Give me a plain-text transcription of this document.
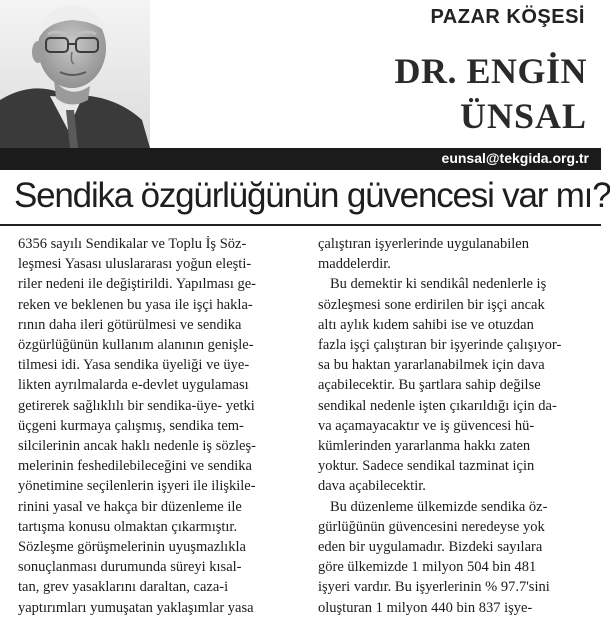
PAZAR KÖŞESİ
DR. ENGİN
ÜNSAL
eunsal@tekgida.org.tr
Sendika özgürlüğünün güvencesi var mı?
6356 sayılı Sendikalar ve Toplu İş Söz-
leşmesi Yasası uluslararası yoğun eleşti-
riler nedeni ile değiştirildi. Yapılması ge-
reken ve beklenen bu yasa ile işçi hakla-
rının daha ileri götürülmesi ve sendika
özgürlüğünün kullanım alanının genişle-
tilmesi idi. Yasa sendika üyeliği ve üye-
likten ayrılmalarda e-devlet uygulaması
getirerek sağlıklılı bir sendika-üye- yetki
üçgeni kurmaya çalışmış, sendika tem-
silcilerinin ancak haklı nedenle iş sözleş-
melerinin feshedilebileceğini ve sendika
yönetimine seçilenlerin işyeri ile ilişkile-
rinini yasal ve hakça bir düzenleme ile
tartışma konusu olmaktan çıkarmıştır.
Sözleşme görüşmelerinin uyuşmazlıkla
sonuçlanması durumunda süreyi kısal-
tan, grev yasaklarını daraltan, caza-i
yaptırımları yumuşatan yaklaşımlar yasa
çalıştıran işyerlerinde uygulanabilen
maddelerdir.
Bu demektir ki sendikâl nedenlerle iş
sözleşmesi sone erdirilen bir işçi ancak
altı aylık kıdem sahibi ise ve otuzdan
fazla işçi çalıştıran bir işyerinde çalışıyor-
sa bu haktan yararlanabilmek için dava
açabilecektir. Bu şartlara sahip değilse
sendikal nedenle işten çıkarıldığı için da-
va açamayacaktır ve iş güvencesi hü-
kümlerinden yararlanma hakkı zaten
yoktur. Sadece sendikal tazminat için
dava açabilecektir.
Bu düzenleme ülkemizde sendika öz-
gürlüğünün güvencesini neredeyse yok
eden bir uygulamadır. Bizdeki sayılara
göre ülkemizde 1 milyon 504 bin 481
işyeri vardır. Bu işyerlerinin % 97.7'sini
oluşturan 1 milyon 440 bin 837 işye-
